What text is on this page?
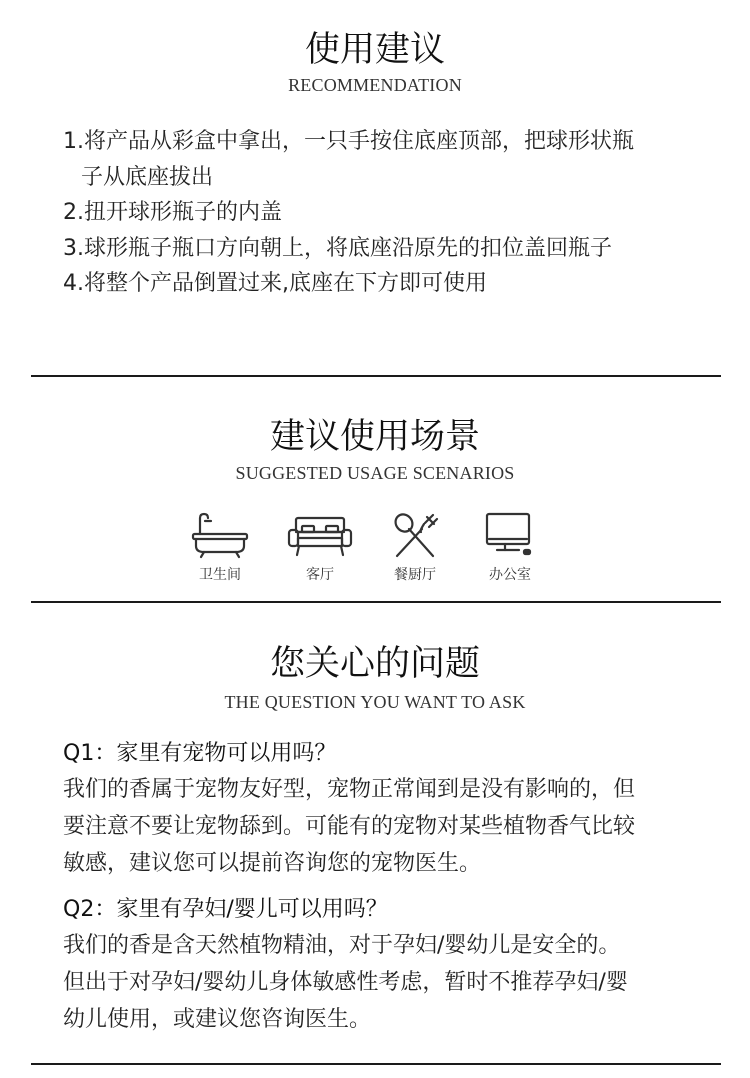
使用建议
RECOMMENDATION
1.将产品从彩盒中拿出，一只手按住底座顶部，把球形状瓶
子从底座拔出
2.扭开球形瓶子的内盖
3.球形瓶子瓶口方向朝上，将底座沿原先的扣位盖回瓶子
4.将整个产品倒置过来,底座在下方即可使用
建议使用场景
SUGGESTED USAGE SCENARIOS
卫生间	客厅	餐厨厅	办公室
您关心的问题
THE QUESTION YOU WANT TO ASK
Q1：家里有宠物可以用吗？
我们的香属于宠物友好型，宠物正常闻到是没有影响的，但
要注意不要让宠物舔到。可能有的宠物对某些植物香气比较
敏感，建议您可以提前咨询您的宠物医生。
Q2：家里有孕妇/婴儿可以用吗？
我们的香是含天然植物精油，对于孕妇/婴幼儿是安全的。
但出于对孕妇/婴幼儿身体敏感性考虑，暂时不推荐孕妇/婴
幼儿使用，或建议您咨询医生。
